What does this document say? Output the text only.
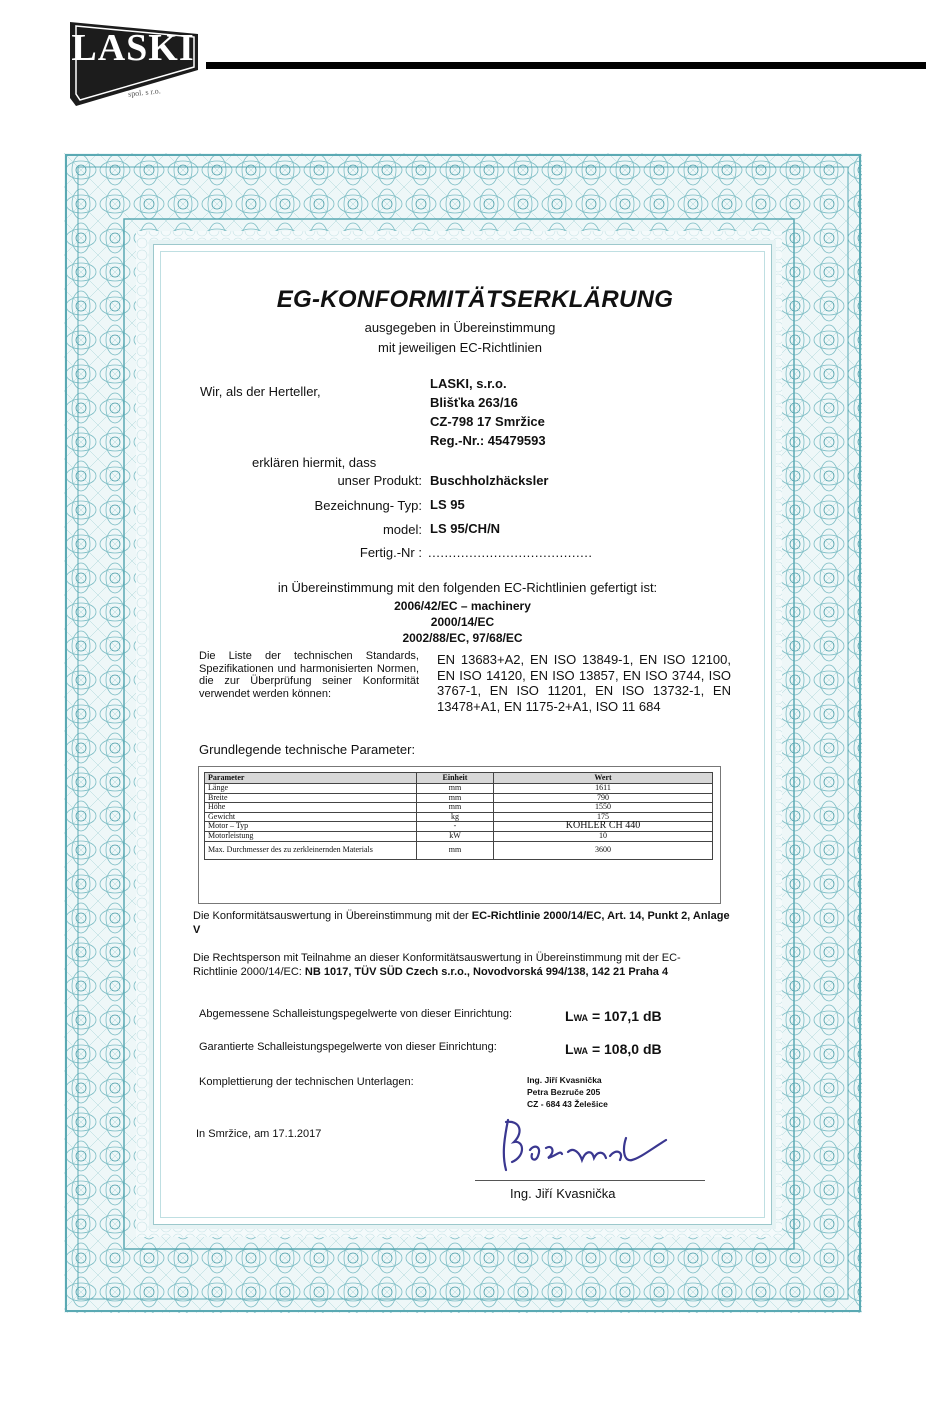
LASKI
spol. s r.o.
EG-KONFORMITÄTSERKLÄRUNG
ausgegeben in Übereinstimmung
mit jeweiligen EC-Richtlinien
Wir, als der Herteller,
LASKI, s.r.o.
Blišťka 263/16
CZ-798 17 Smržice
Reg.-Nr.: 45479593
erklären hiermit, dass
unser Produkt: Buschholzhäcksler
Bezeichnung- Typ: LS 95
model: LS 95/CH/N
Fertig.-Nr : ........................................
in Übereinstimmung mit den folgenden EC-Richtlinien gefertigt ist:
2006/42/EC – machinery
2000/14/EC
2002/88/EC, 97/68/EC
Die Liste der technischen Standards, Spezifikationen und harmonisierten Normen, die zur Überprüfung seiner Konformität verwendet werden können:
EN 13683+A2, EN ISO 13849-1, EN ISO 12100, EN ISO 14120, EN ISO 13857, EN ISO 3744, ISO 3767-1, EN ISO 11201, EN ISO 13732-1, EN 13478+A1, EN 1175-2+A1, ISO 11 684
Grundlegende technische Parameter:
Parameter	Einheit	Wert
Länge	mm	1611
Breite	mm	790
Höhe	mm	1550
Gewicht	kg	175
Motor – Typ	-	KOHLER CH 440
Motorleistung	kW	10
Max. Durchmesser des zu zerkleinernden Materials	mm	3600
Die Konformitätsauswertung in Übereinstimmung mit der EC-Richtlinie 2000/14/EC, Art. 14, Punkt 2, Anlage V
Die Rechtsperson mit Teilnahme an dieser Konformitätsauswertung in Übereinstimmung mit der EC-Richtlinie 2000/14/EC: NB 1017, TÜV SÜD Czech s.r.o., Novodvorská 994/138, 142 21 Praha 4
Abgemessene Schalleistungspegelwerte von dieser Einrichtung:	LWA = 107,1 dB
Garantierte Schalleistungspegelwerte von dieser Einrichtung:	LWA = 108,0 dB
Komplettierung der technischen Unterlagen:	Ing. Jiří Kvasnička
Petra Bezruče 205
CZ - 684 43 Želešice
In Smržice, am 17.1.2017
Ing. Jiří Kvasnička
